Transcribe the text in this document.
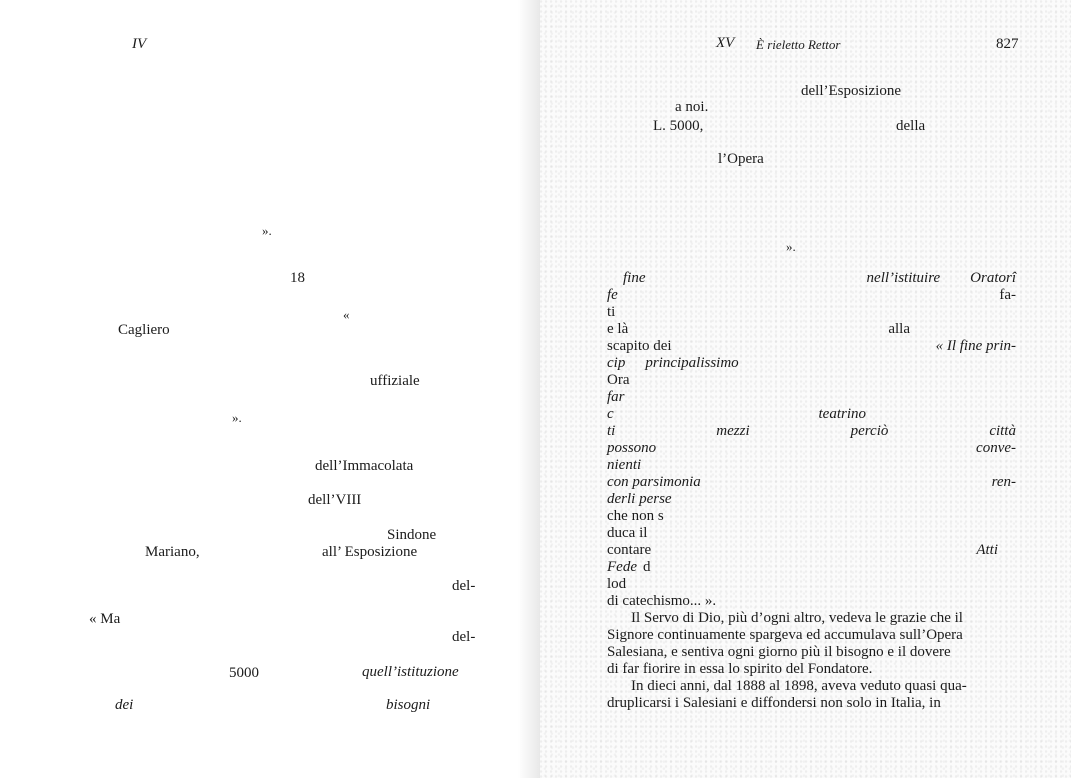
IV
».
18
«
Cagliero
uffiziale
».
dell’Immacolata
dell’VIII
Sindone
Mariano,	all’ Esposizione
del-
« Ma
del-
5000	quell’istituzione
dei	bisogni
XV È rieletto Rettor	827
dell’Esposizione
a noi.
L. 5000,	della
l’Opera
».
fine	nell’istituire Oratorî
fe	fa-
ti
e là	alla
scapito dei	« Il fine prin-
cip principalissimo
Ora
far
c	teatrino
ti	mezzi	perciò	città
possono	conve-
nienti
con parsimonia	ren-
derli perse
che non s
duca il
contare	Atti
Fede d
lod
di catechismo... ».
Il Servo di Dio, più d’ogni altro, vedeva le grazie che il
Signore continuamente spargeva ed accumulava sull’Opera
Salesiana, e sentiva ogni giorno più il bisogno e il dovere
di far fiorire in essa lo spirito del Fondatore.
In dieci anni, dal 1888 al 1898, aveva veduto quasi qua-
druplicarsi i Salesiani e diffondersi non solo in Italia, in
